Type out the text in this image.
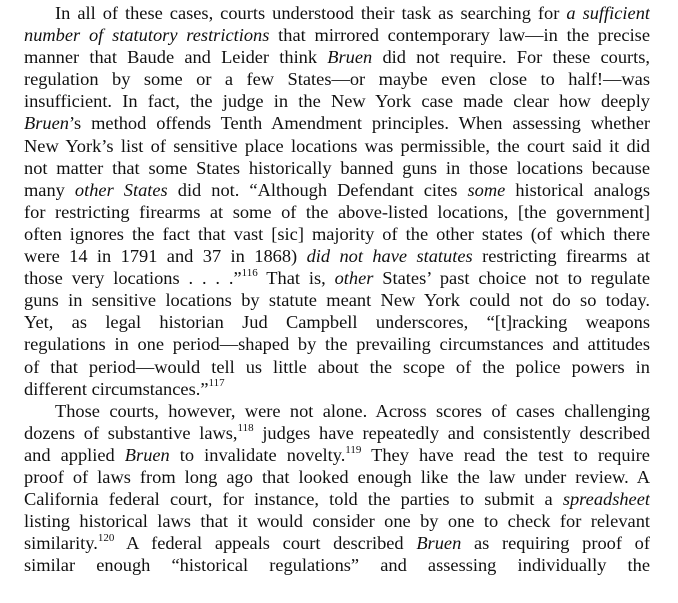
In all of these cases, courts understood their task as searching for a sufficient
number of statutory restrictions that mirrored contemporary law—in the precise
manner that Baude and Leider think Bruen did not require. For these courts,
regulation by some or a few States—or maybe even close to half!—was
insufficient. In fact, the judge in the New York case made clear how deeply
Bruen’s method offends Tenth Amendment principles. When assessing whether
New York’s list of sensitive place locations was permissible, the court said it did
not matter that some States historically banned guns in those locations because
many other States did not. “Although Defendant cites some historical analogs
for restricting firearms at some of the above-listed locations, [the government]
often ignores the fact that vast [sic] majority of the other states (of which there
were 14 in 1791 and 37 in 1868) did not have statutes restricting firearms at
those very locations . . . .”$^{116}$ That is, other States’ past choice not to regulate
guns in sensitive locations by statute meant New York could not do so today.
Yet, as legal historian Jud Campbell underscores, “[t]racking weapons
regulations in one period—shaped by the prevailing circumstances and attitudes
of that period—would tell us little about the scope of the police powers in
different circumstances.”$^{117}$
Those courts, however, were not alone. Across scores of cases challenging
dozens of substantive laws,$^{118}$ judges have repeatedly and consistently described
and applied Bruen to invalidate novelty.$^{119}$ They have read the test to require
proof of laws from long ago that looked enough like the law under review. A
California federal court, for instance, told the parties to submit a spreadsheet
listing historical laws that it would consider one by one to check for relevant
similarity.$^{120}$ A federal appeals court described Bruen as requiring proof of
similar enough “historical regulations” and assessing individually the
